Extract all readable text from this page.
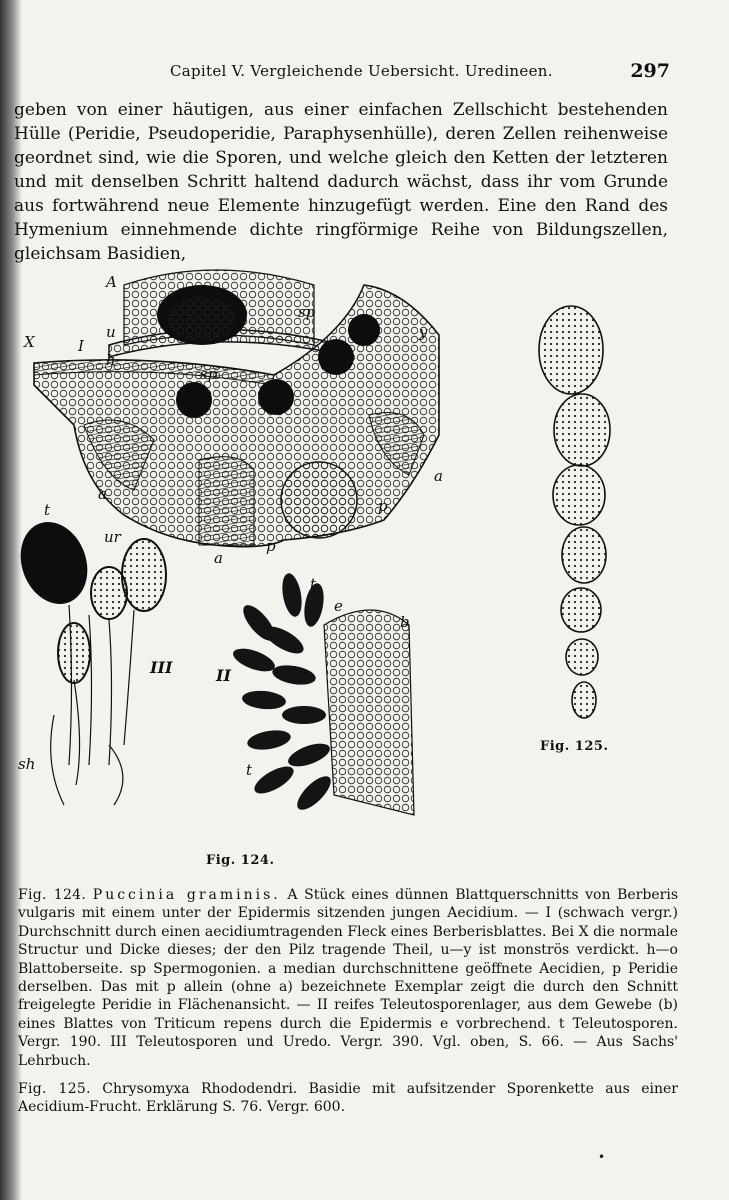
Capitel V. Vergleichende Uebersicht. Uredineen.	297

geben von einer häutigen, aus einer einfachen Zellschicht bestehenden Hülle (Peridie, Pseudoperidie, Paraphysenhülle), deren Zellen reihenweise geordnet sind, wie die Sporen, und welche gleich den Ketten der letzteren und mit denselben Schritt haltend dadurch wächst, dass ihr vom Grunde aus fortwährend neue Elemente hinzugefügt werden. Eine den Rand des Hymenium einnehmende dichte ringförmige Reihe von Bildungszellen, gleichsam Basidien,

A
X	I
u
h
sp
sp
o
y
a
a
a
p
p
t
ur
III	II
sh
t
t
e
b
Fig. 125.
Fig. 124.

Fig. 124. Puccinia graminis. A Stück eines dünnen Blattquerschnitts von Berberis vulgaris mit einem unter der Epidermis sitzenden jungen Aecidium. — I (schwach vergr.) Durchschnitt durch einen aecidiumtragenden Fleck eines Berberisblattes. Bei X die normale Structur und Dicke dieses; der den Pilz tragende Theil, u—y ist monströs verdickt. h—o Blattoberseite. sp Spermogonien. a median durchschnittene geöffnete Aecidien, p Peridie derselben. Das mit p allein (ohne a) bezeichnete Exemplar zeigt die durch den Schnitt freigelegte Peridie in Flächenansicht. — II reifes Teleutosporenlager, aus dem Gewebe (b) eines Blattes von Triticum repens durch die Epidermis e vorbrechend. t Teleutosporen. Vergr. 190. III Teleutosporen und Uredo. Vergr. 390. Vgl. oben, S. 66. — Aus Sachs' Lehrbuch.

Fig. 125. Chrysomyxa Rhododendri. Basidie mit aufsitzender Sporenkette aus einer Aecidium-Frucht. Erklärung S. 76. Vergr. 600.

•
